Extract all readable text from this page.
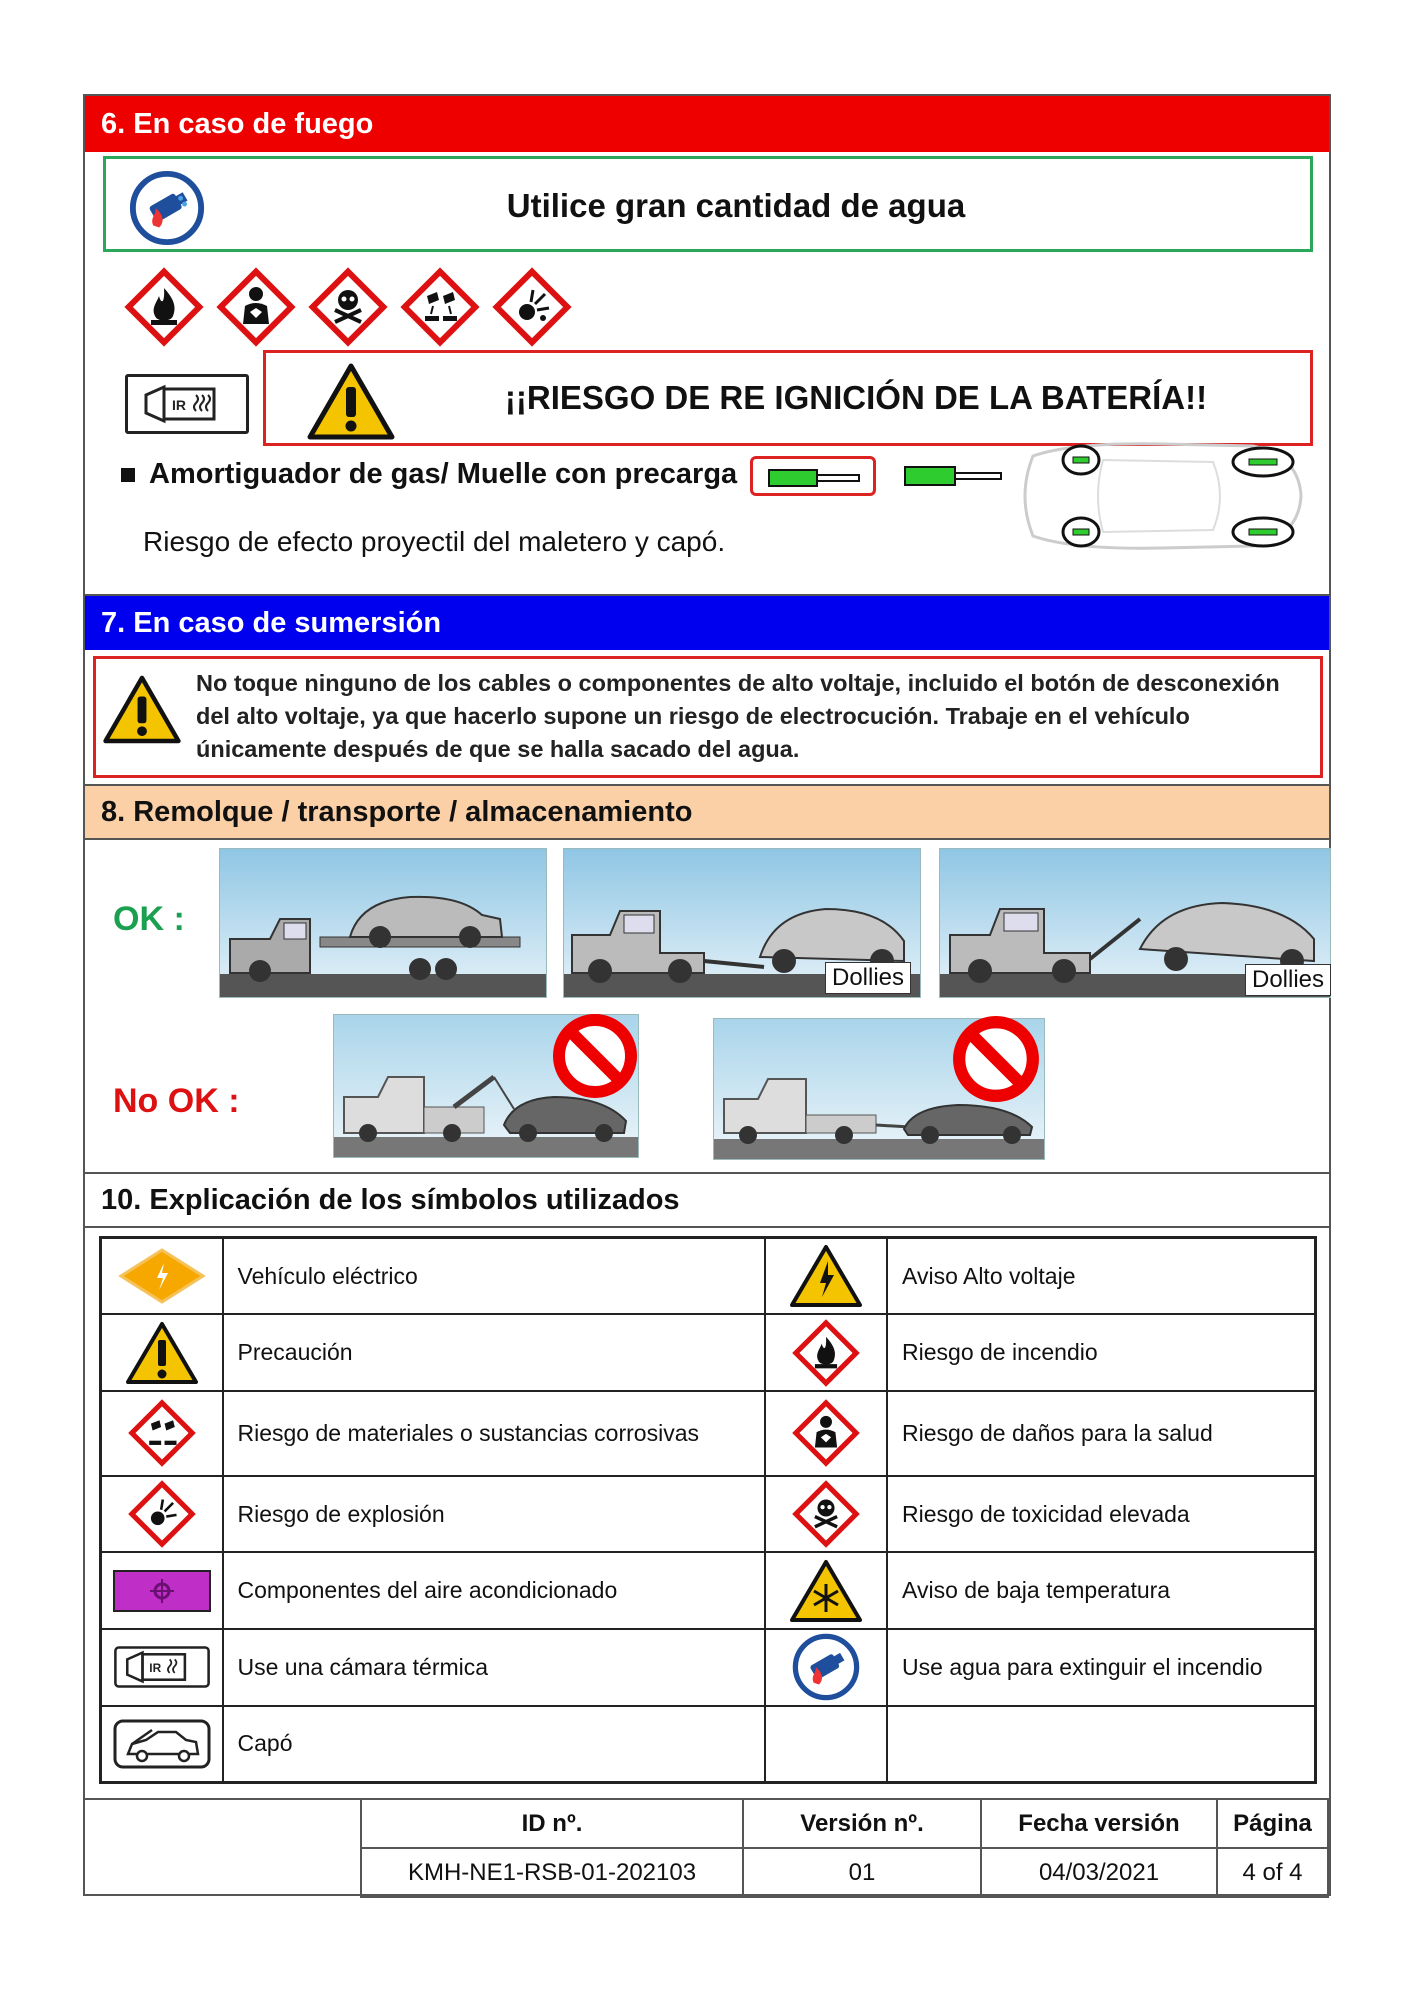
6. En caso de fuego
Utilice gran cantidad de agua
IR	¡¡RIESGO DE RE IGNICIÓN DE LA BATERÍA!!
Amortiguador de gas/ Muelle con precarga
Riesgo de efecto proyectil del maletero y capó.
7. En caso de sumersión
No toque ninguno de los cables o componentes de alto voltaje, incluido el botón de desconexión del alto voltaje, ya que hacerlo supone un riesgo de electrocución. Trabaje en el vehículo únicamente después de que se halla sacado del agua.
8. Remolque / transporte / almacenamiento
OK :
Dollies	Dollies
No OK :
10. Explicación de los símbolos utilizados
	Vehículo eléctrico		Aviso Alto voltaje

	Precaución		Riesgo de incendio

	Riesgo de materiales o sustancias corrosivas		Riesgo de daños para la salud

	Riesgo de explosión		Riesgo de toxicidad elevada

	Componentes del aire acondicionado		Aviso de baja temperatura

IR	Use una cámara térmica		Use agua para extinguir el incendio

	Capó		
	ID nº.	Versión nº.	Fecha versión	Página
	KMH-NE1-RSB-01-202103	01	04/03/2021	4 of 4
